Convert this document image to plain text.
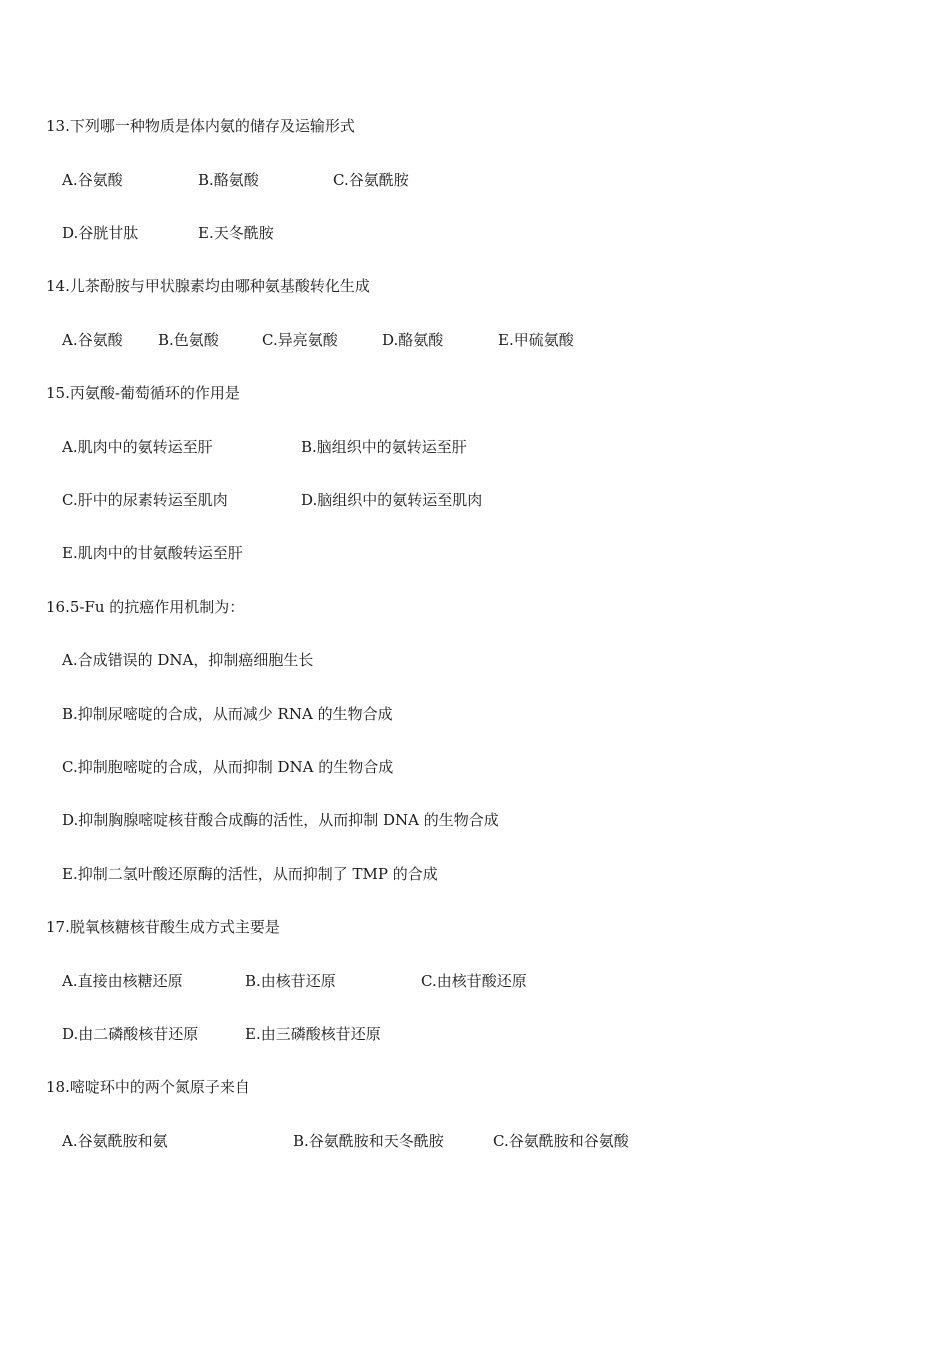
13.下列哪一种物质是体内氨的储存及运输形式
A.谷氨酸	B.酪氨酸	C.谷氨酰胺
D.谷胱甘肽	E.天冬酰胺
14.儿茶酚胺与甲状腺素均由哪种氨基酸转化生成
A.谷氨酸 B.色氨酸	C.异亮氨酸	D.酪氨酸	E.甲硫氨酸
15.丙氨酸-葡萄循环的作用是
A.肌肉中的氨转运至肝	B.脑组织中的氨转运至肝
C.肝中的尿素转运至肌肉	D.脑组织中的氨转运至肌肉
E.肌肉中的甘氨酸转运至肝
16.5-Fu 的抗癌作用机制为：
A.合成错误的 DNA，抑制癌细胞生长
B.抑制尿嘧啶的合成，从而减少 RNA 的生物合成
C.抑制胞嘧啶的合成，从而抑制 DNA 的生物合成
D.抑制胸腺嘧啶核苷酸合成酶的活性，从而抑制 DNA 的生物合成
E.抑制二氢叶酸还原酶的活性，从而抑制了 TMP 的合成
17.脱氧核糖核苷酸生成方式主要是
A.直接由核糖还原	B.由核苷还原	C.由核苷酸还原
D.由二磷酸核苷还原	E.由三磷酸核苷还原
18.嘧啶环中的两个氮原子来自
A.谷氨酰胺和氨	B.谷氨酰胺和天冬酰胺	C.谷氨酰胺和谷氨酸
